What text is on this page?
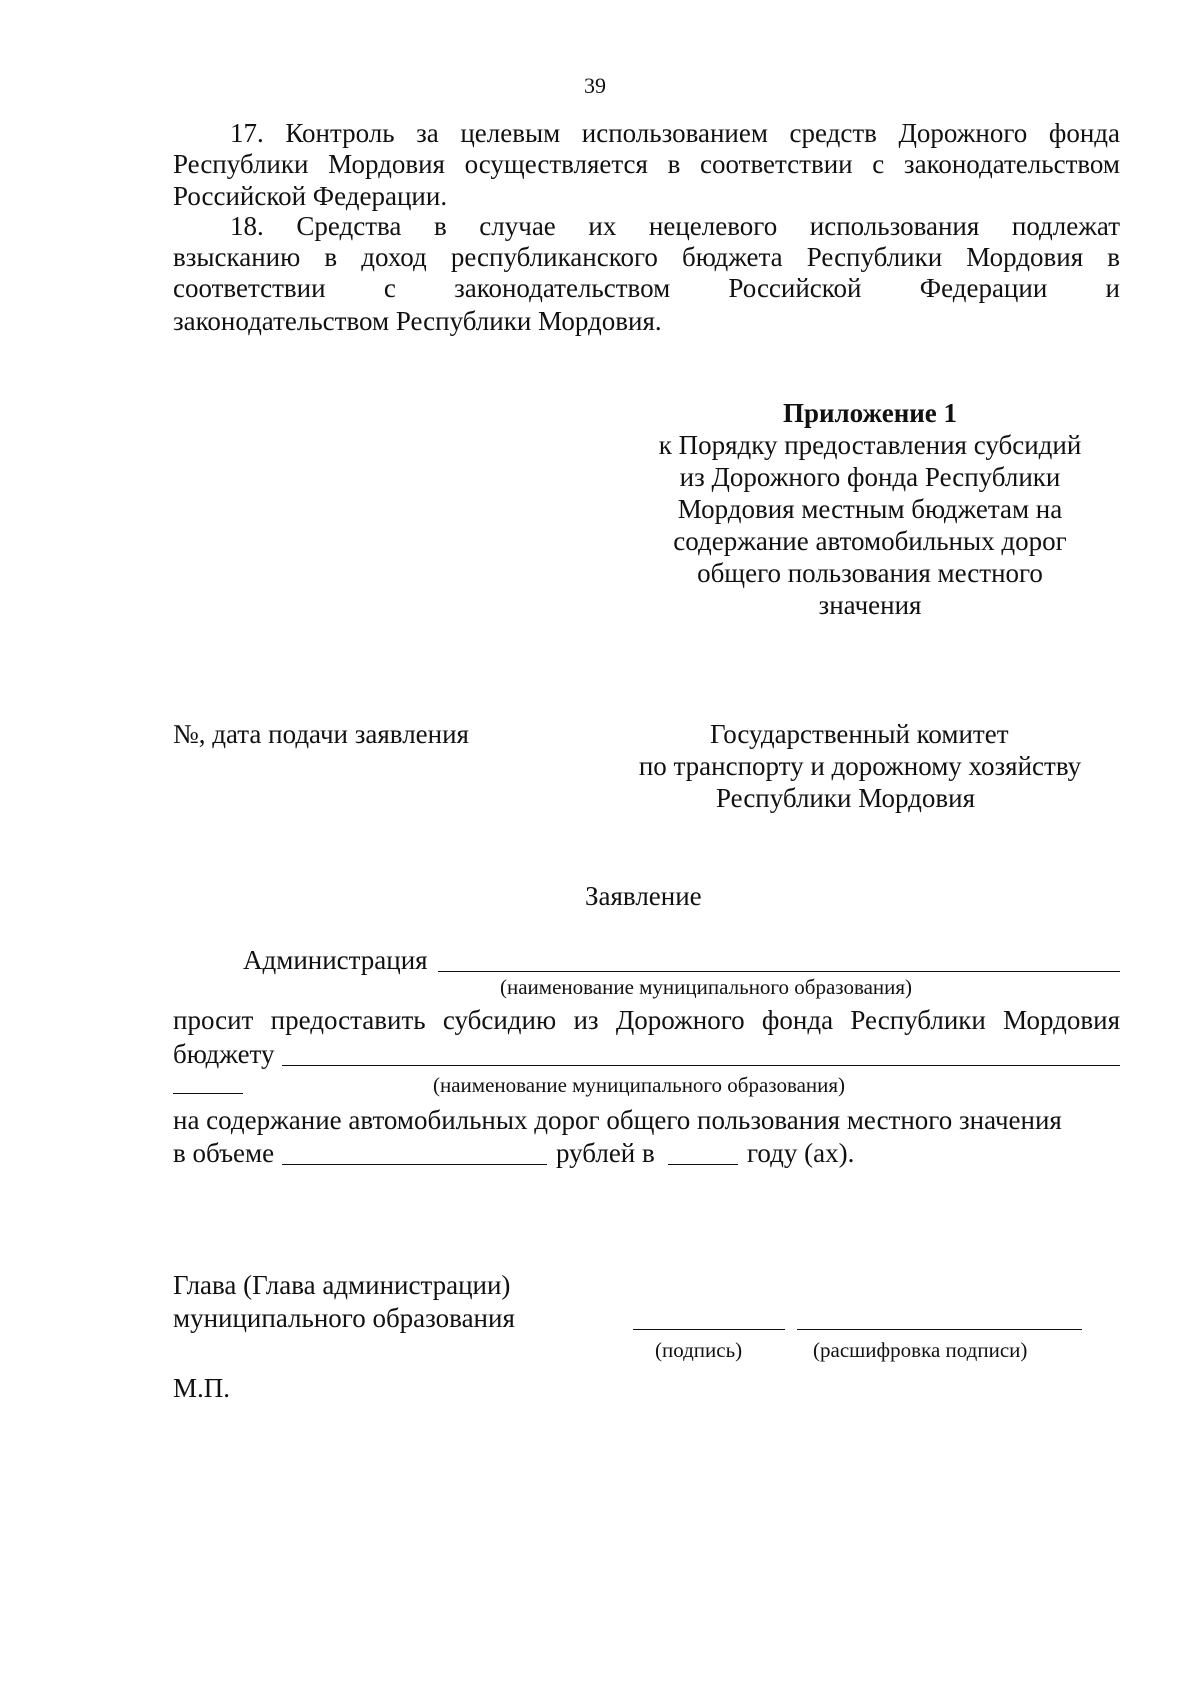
39
17. Контроль за целевым использованием средств Дорожного фонда
Республики Мордовия осуществляется в соответствии с законодательством
Российской Федерации.
18. Средства в случае их нецелевого использования подлежат
взысканию в доход республиканского бюджета Республики Мордовия в
соответствии с законодательством Российской Федерации и
законодательством Республики Мордовия.
Приложение 1
к Порядку предоставления субсидий
из Дорожного фонда Республики
Мордовия местным бюджетам на
содержание автомобильных дорог
общего пользования местного
значения
№, дата подачи заявления	Государственный комитет
по транспорту и дорожному хозяйству
Республики Мордовия
Заявление
Администрация
(наименование муниципального образования)
просит предоставить субсидию из Дорожного фонда Республики Мордовия
бюджету
(наименование муниципального образования)
на содержание автомобильных дорог общего пользования местного значения
в объеме	рублей в	году (ах).
Глава (Глава администрации)
муниципального образования
(подпись)	(расшифровка подписи)
М.П.
